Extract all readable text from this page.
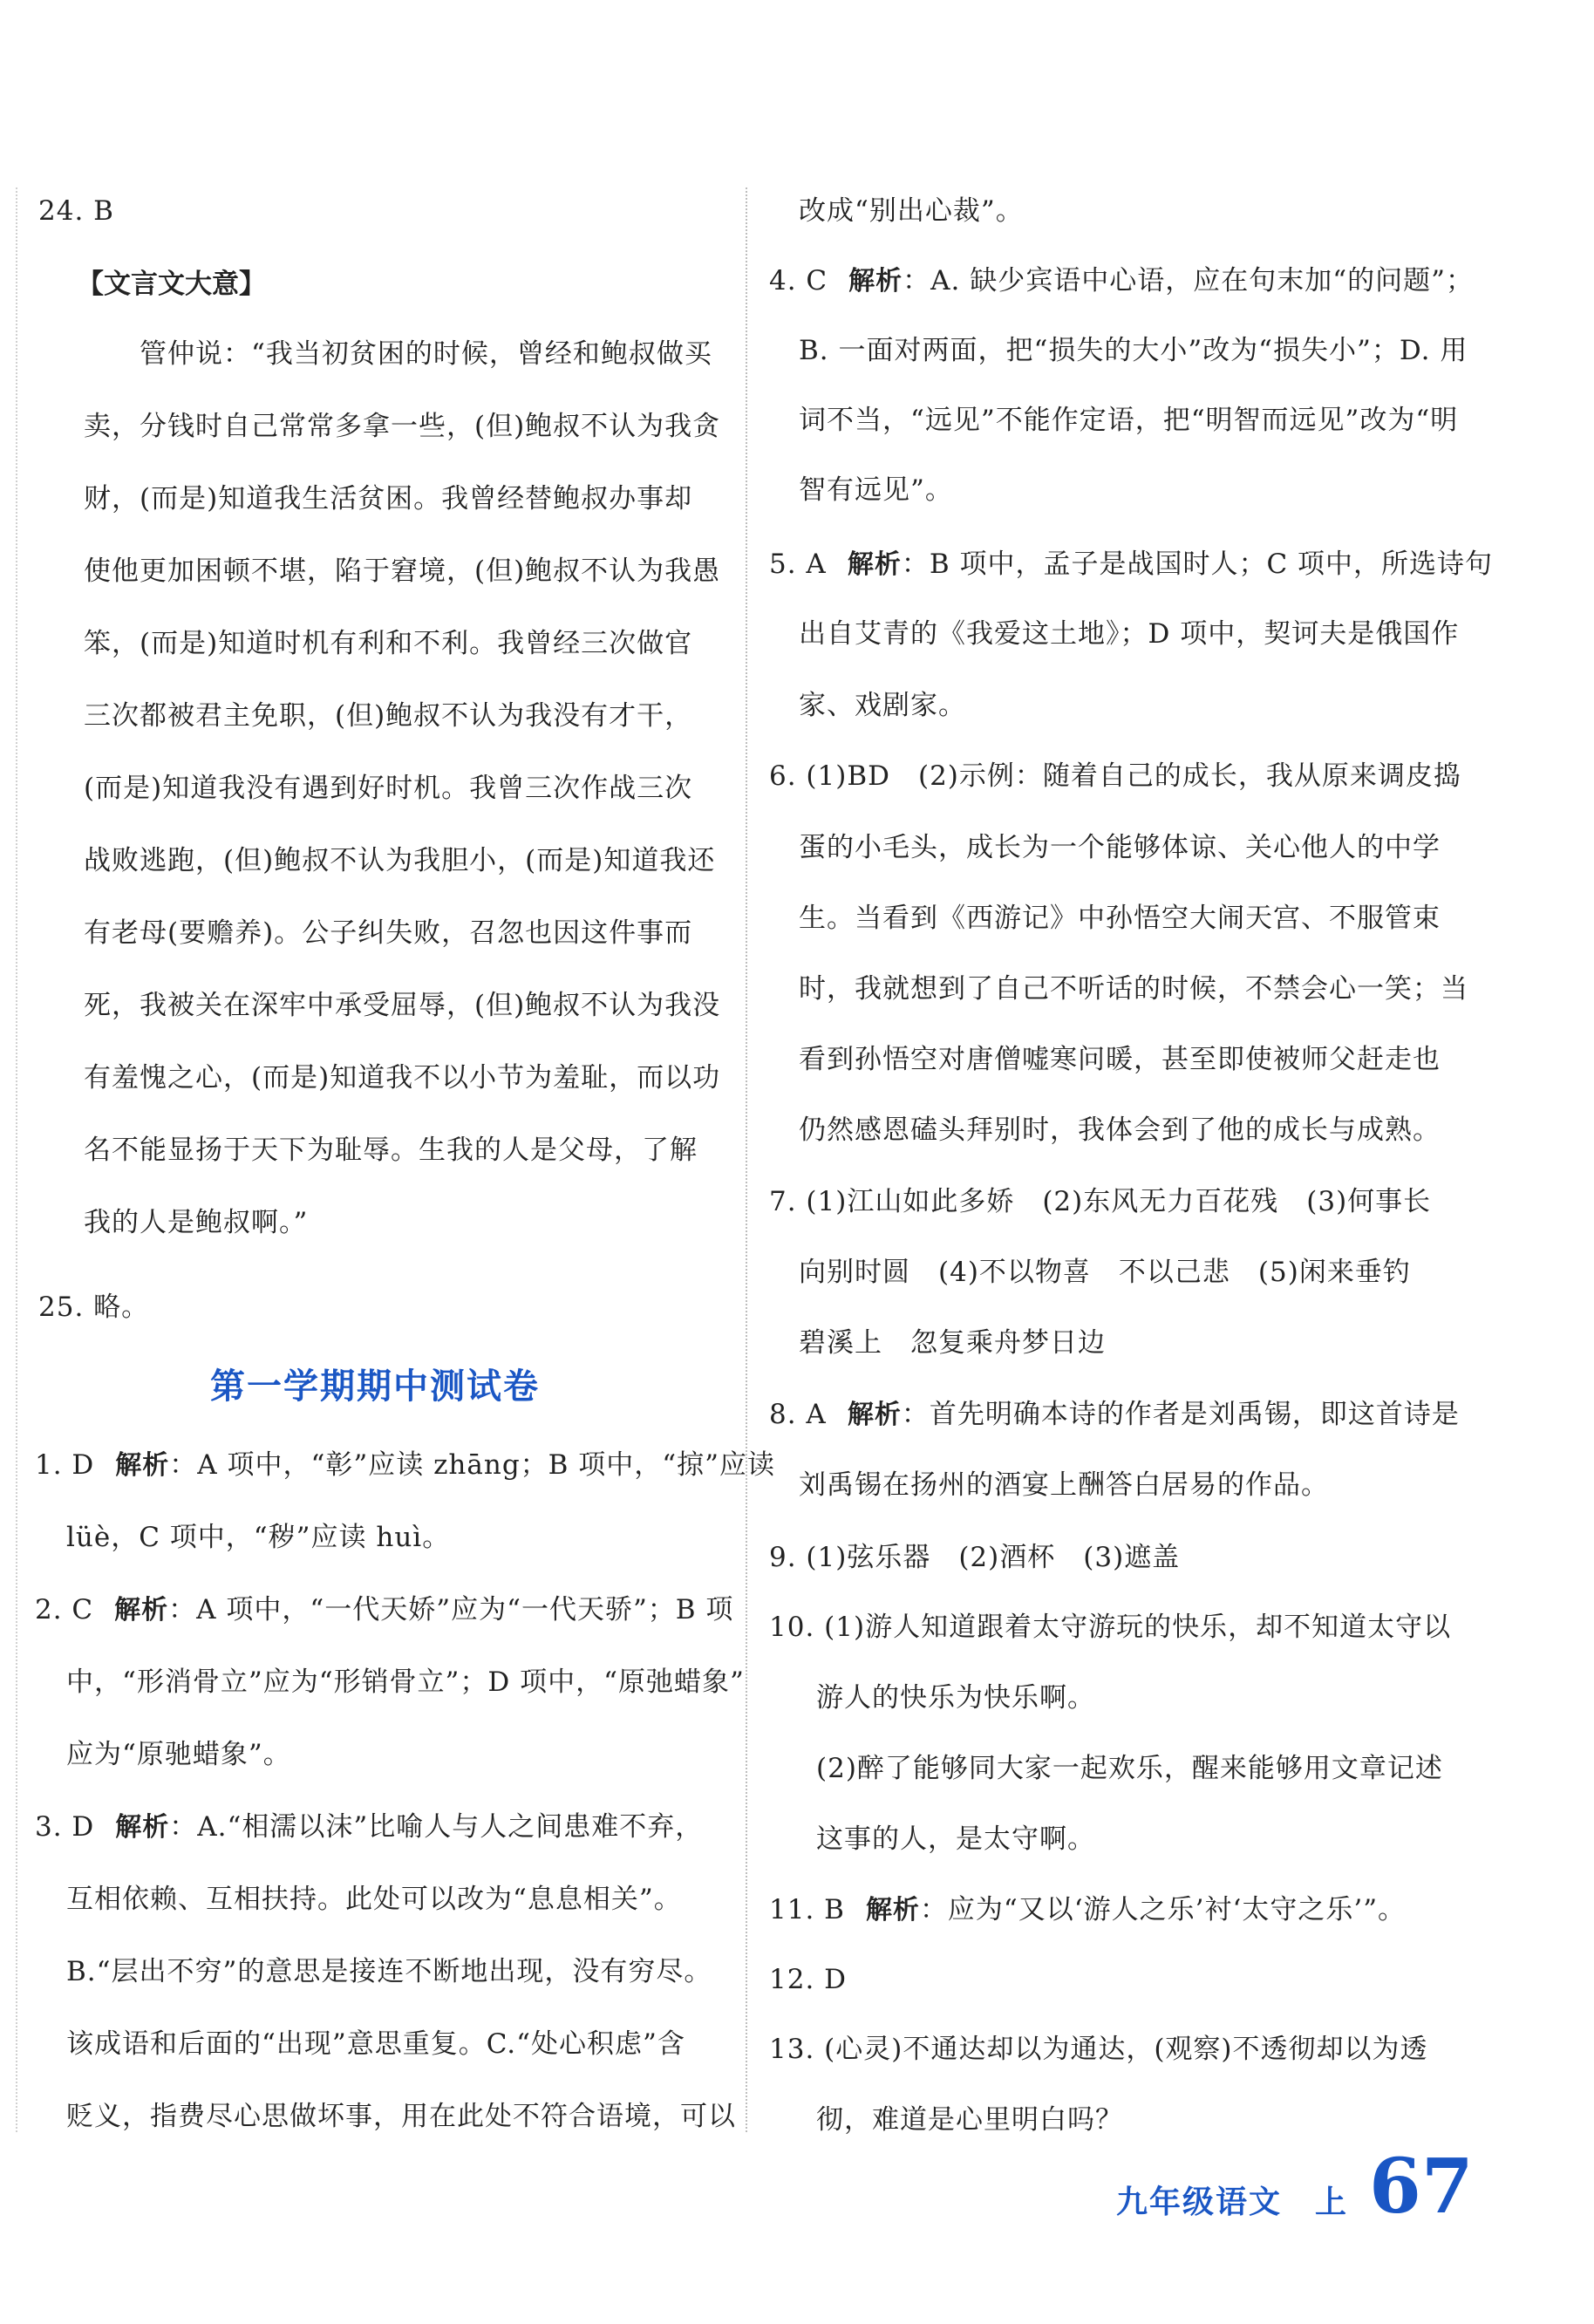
24. B
【文言文大意】
管仲说：“我当初贫困的时候，曾经和鲍叔做买
卖，分钱时自己常常多拿一些，(但)鲍叔不认为我贪
财，(而是)知道我生活贫困。我曾经替鲍叔办事却
使他更加困顿不堪，陷于窘境，(但)鲍叔不认为我愚
笨，(而是)知道时机有利和不利。我曾经三次做官
三次都被君主免职，(但)鲍叔不认为我没有才干，
(而是)知道我没有遇到好时机。我曾三次作战三次
战败逃跑，(但)鲍叔不认为我胆小，(而是)知道我还
有老母(要赡养)。公子纠失败，召忽也因这件事而
死，我被关在深牢中承受屈辱，(但)鲍叔不认为我没
有羞愧之心，(而是)知道我不以小节为羞耻，而以功
名不能显扬于天下为耻辱。生我的人是父母，了解
我的人是鲍叔啊。”
25. 略。
第一学期期中测试卷
1. D 解析：A 项中，“彰”应读 zhāng；B 项中，“掠”应读
lüè，C 项中，“秽”应读 huì。
2. C 解析：A 项中，“一代天娇”应为“一代天骄”；B 项
中，“形消骨立”应为“形销骨立”；D 项中，“原弛蜡象”
应为“原驰蜡象”。
3. D 解析：A.“相濡以沫”比喻人与人之间患难不弃，
互相依赖、互相扶持。此处可以改为“息息相关”。
B.“层出不穷”的意思是接连不断地出现，没有穷尽。
该成语和后面的“出现”意思重复。C.“处心积虑”含
贬义，指费尽心思做坏事，用在此处不符合语境，可以
改成“别出心裁”。
4. C 解析：A. 缺少宾语中心语，应在句末加“的问题”；
B. 一面对两面，把“损失的大小”改为“损失小”；D. 用
词不当，“远见”不能作定语，把“明智而远见”改为“明
智有远见”。
5. A 解析：B 项中，孟子是战国时人；C 项中，所选诗句
出自艾青的《我爱这土地》；D 项中，契诃夫是俄国作
家、戏剧家。
6. (1)BD　(2)示例：随着自己的成长，我从原来调皮捣
蛋的小毛头，成长为一个能够体谅、关心他人的中学
生。当看到《西游记》中孙悟空大闹天宫、不服管束
时，我就想到了自己不听话的时候，不禁会心一笑；当
看到孙悟空对唐僧嘘寒问暖，甚至即使被师父赶走也
仍然感恩磕头拜别时，我体会到了他的成长与成熟。
7. (1)江山如此多娇　(2)东风无力百花残　(3)何事长
向别时圆　(4)不以物喜　不以己悲　(5)闲来垂钓
碧溪上　忽复乘舟梦日边
8. A 解析：首先明确本诗的作者是刘禹锡，即这首诗是
刘禹锡在扬州的酒宴上酬答白居易的作品。
9. (1)弦乐器　(2)酒杯　(3)遮盖
10. (1)游人知道跟着太守游玩的快乐，却不知道太守以
游人的快乐为快乐啊。
(2)醉了能够同大家一起欢乐，醒来能够用文章记述
这事的人，是太守啊。
11. B 解析：应为“又以‘游人之乐’衬‘太守之乐’”。
12. D
13. (心灵)不通达却以为通达，(观察)不透彻却以为透
彻，难道是心里明白吗？
九年级语文　上 67
